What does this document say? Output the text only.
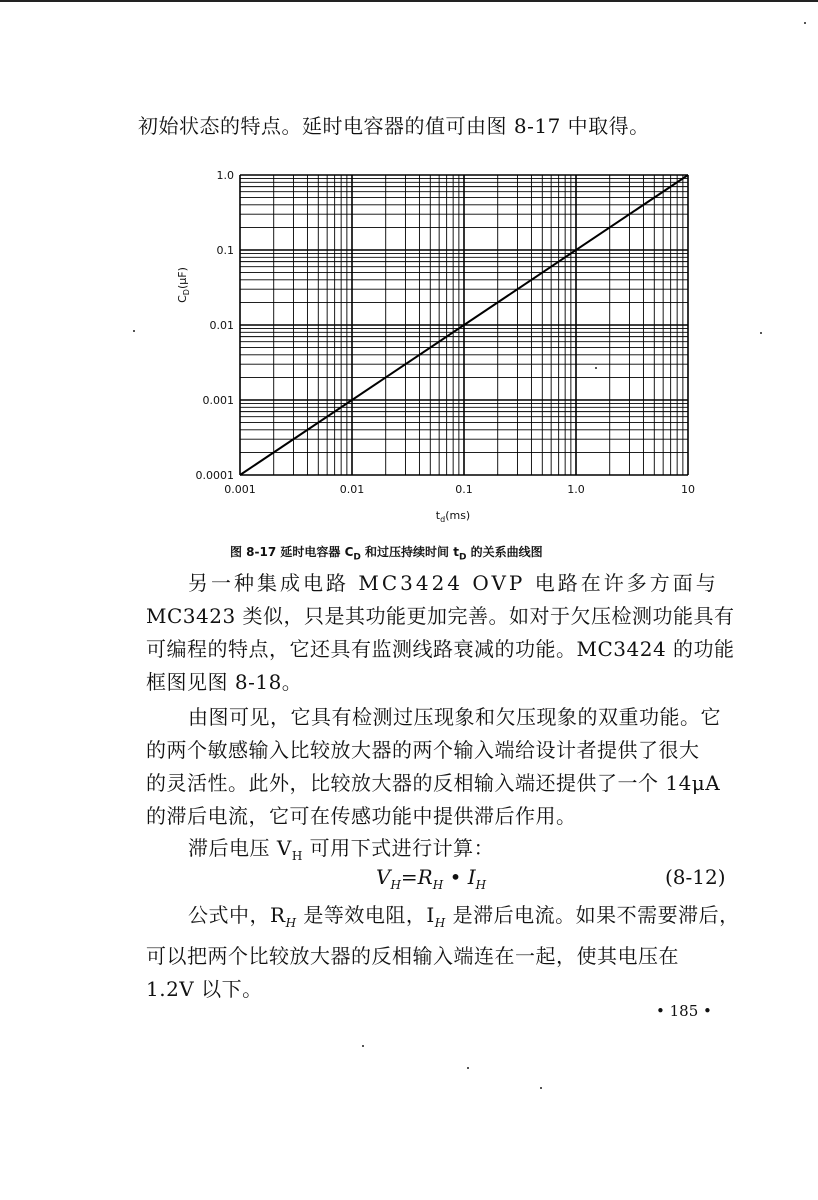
初始状态的特点。延时电容器的值可由图 8-17 中取得。
0.001	0.01	0.1	1.0	10
1.0
0.1
0.01
0.001
0.0001
$t_d(ms)$
$C_D(\mu F)$
图 8-17 延时电容器 $C_D$ 和过压持续时间 $t_D$ 的关系曲线图
另一种集成电路 MC3424 OVP 电路在许多方面与
MC3423 类似，只是其功能更加完善。如对于欠压检测功能具有
可编程的特点，它还具有监测线路衰减的功能。MC3424 的功能
框图见图 8-18。
由图可见，它具有检测过压现象和欠压现象的双重功能。它
的两个敏感输入比较放大器的两个输入端给设计者提供了很大
的灵活性。此外，比较放大器的反相输入端还提供了一个 14μA
的滞后电流，它可在传感功能中提供滞后作用。
滞后电压 $V_H$ 可用下式进行计算：
$V_H=R_H$ • $I_H$	(8-12)
公式中，$R_H$ 是等效电阻，$I_H$ 是滞后电流。如果不需要滞后，
可以把两个比较放大器的反相输入端连在一起，使其电压在
1.2V 以下。
• 185 •
